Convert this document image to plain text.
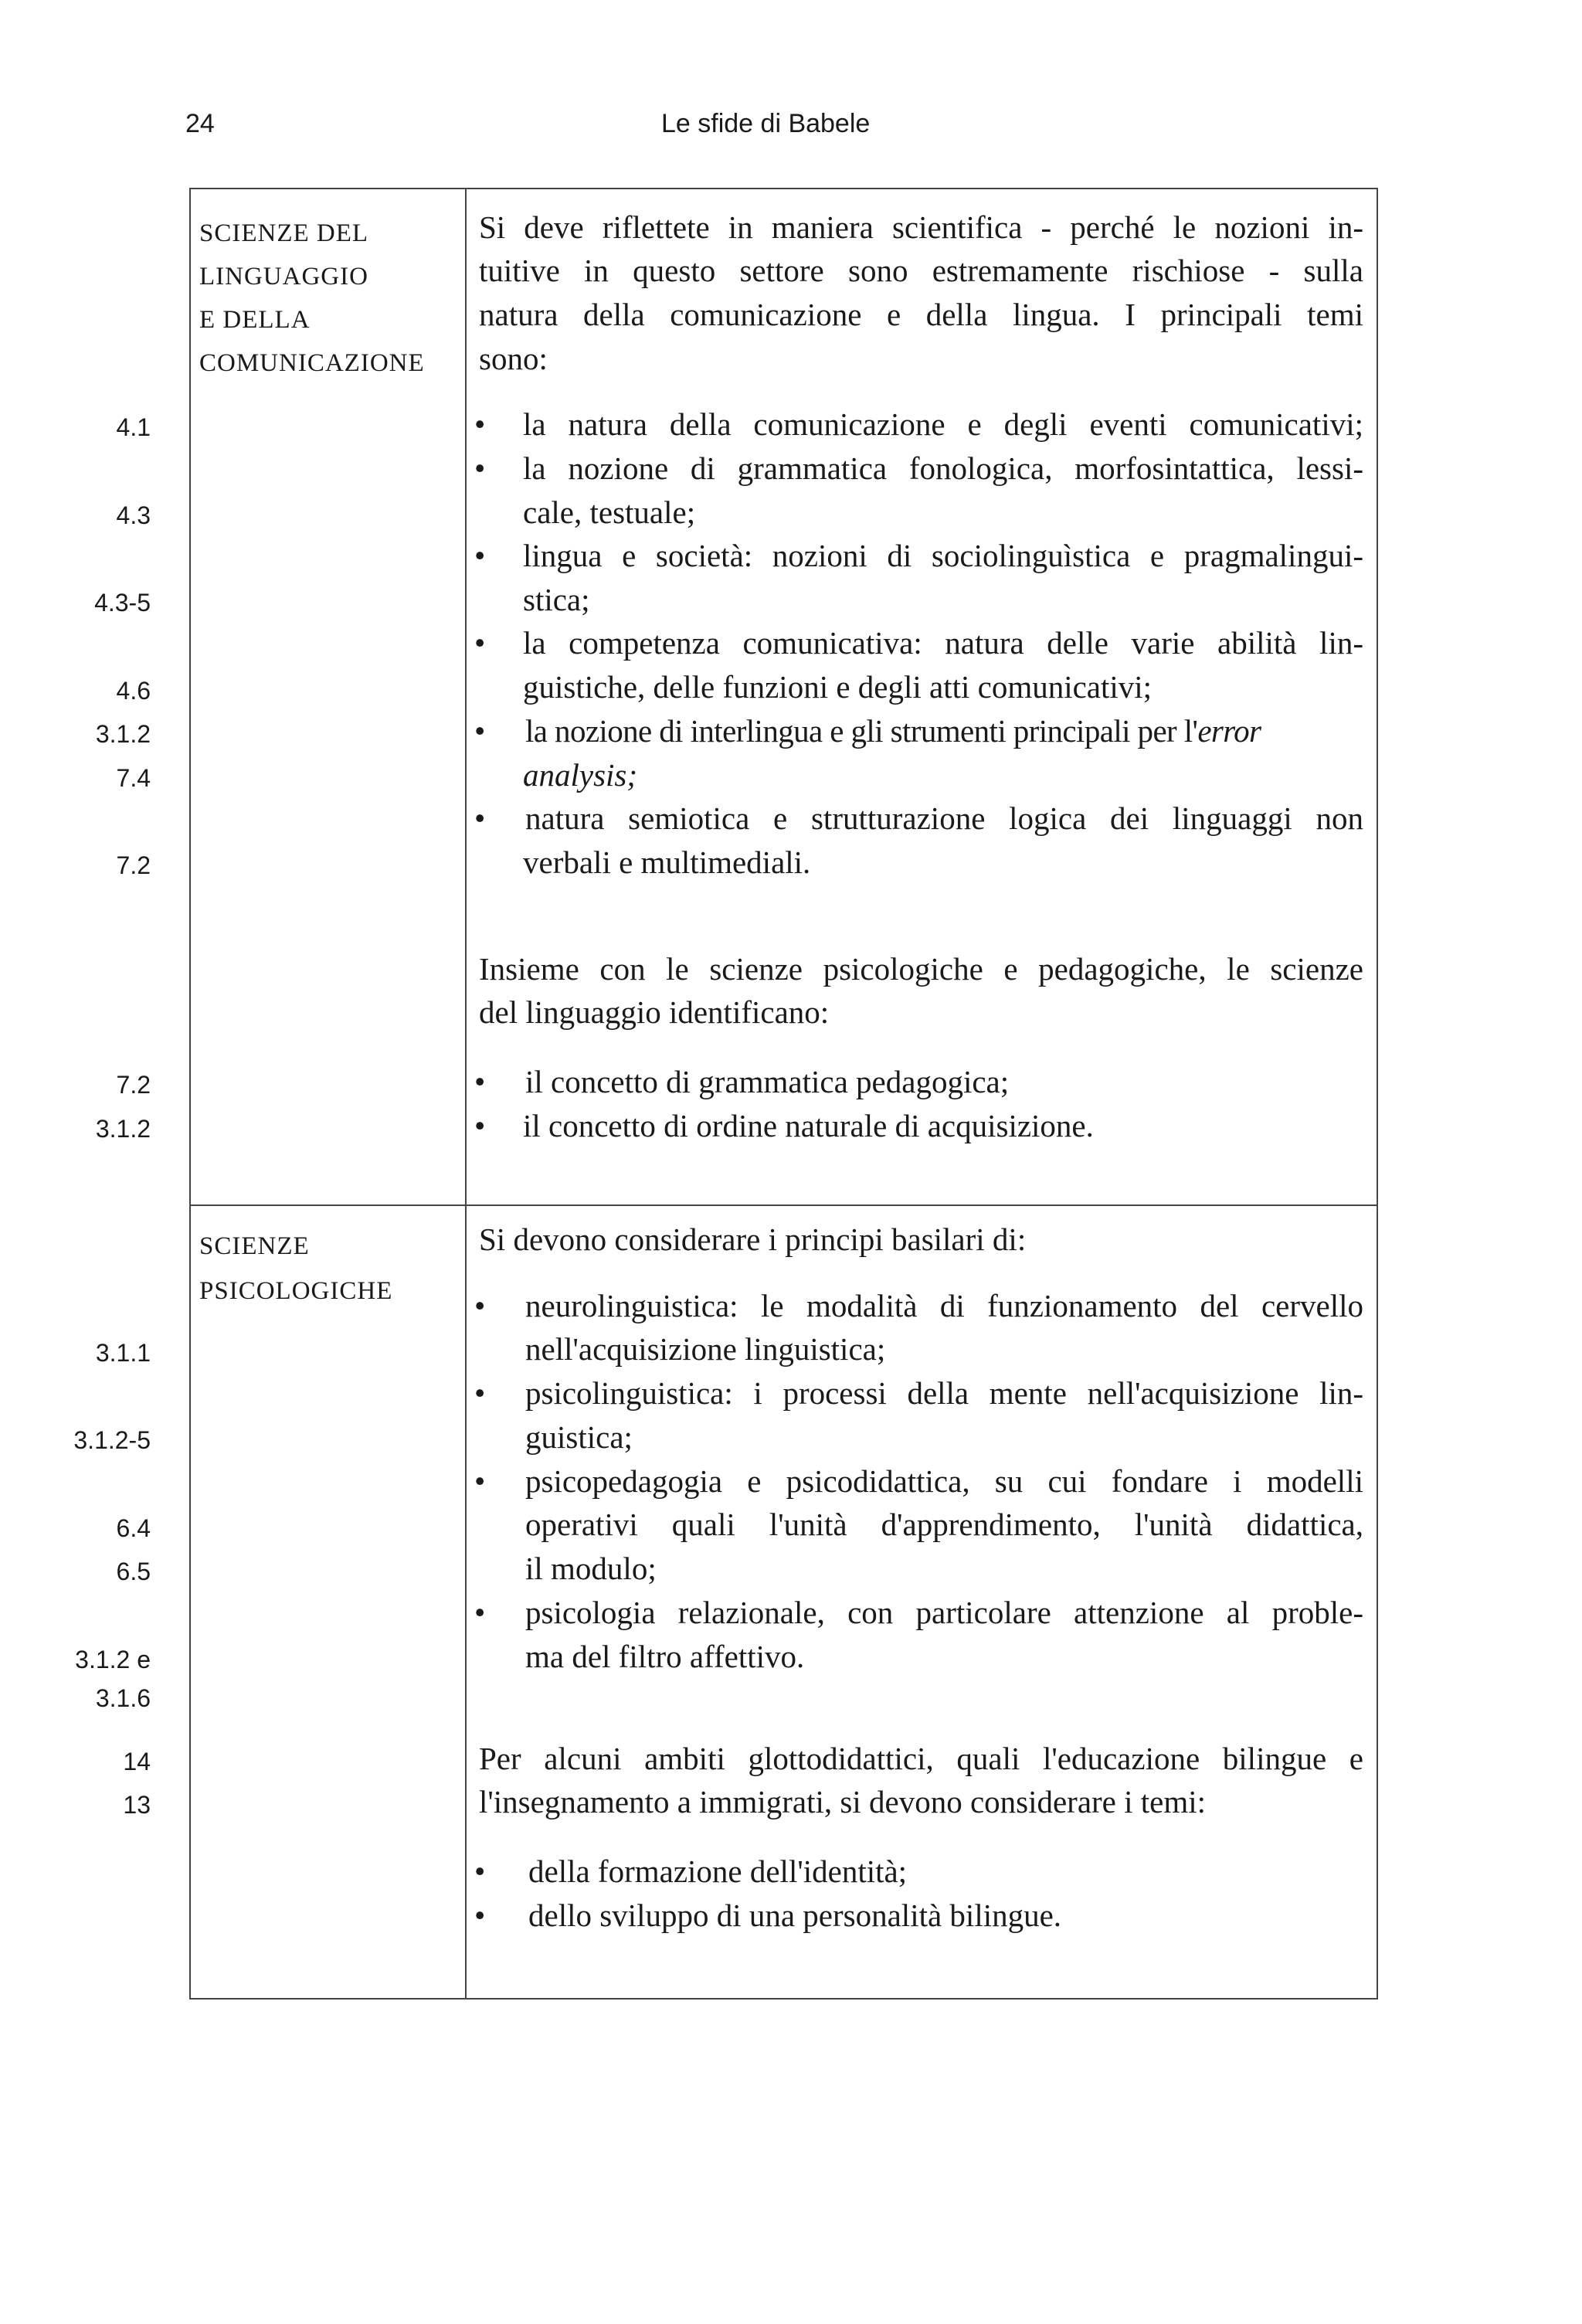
24	Le sfide di Babele
4.1
4.3
4.3-5
4.6
3.1.2
7.4
7.2
7.2
3.1.2
3.1.1
3.1.2-5
6.4
6.5
3.1.2 e
3.1.6
14
13
SCIENZE DEL
LINGUAGGIO
E DELLA
COMUNICAZIONE
Si deve riflettete in maniera scientifica - perché le nozioni in-
tuitive in questo settore sono estremamente rischiose - sulla
natura della comunicazione e della lingua. I principali temi
sono:
• la natura della comunicazione e degli eventi comunicativi;
• la nozione di grammatica fonologica, morfosintattica, lessi-
cale, testuale;
• lingua e società: nozioni di sociolinguìstica e pragmalingui-
stica;
• la competenza comunicativa: natura delle varie abilità lin-
guistiche, delle funzioni e degli atti comunicativi;
• la nozione di interlingua e gli strumenti principali per l'error
analysis;
• natura semiotica e strutturazione logica dei linguaggi non
verbali e multimediali.
Insieme con le scienze psicologiche e pedagogiche, le scienze
del linguaggio identificano:
• il concetto di grammatica pedagogica;
• il concetto di ordine naturale di acquisizione.
SCIENZE
PSICOLOGICHE
Si devono considerare i principi basilari di:
• neurolinguistica: le modalità di funzionamento del cervello
nell'acquisizione linguistica;
• psicolinguistica: i processi della mente nell'acquisizione lin-
guistica;
• psicopedagogia e psicodidattica, su cui fondare i modelli
operativi quali l'unità d'apprendimento, l'unità didattica,
il modulo;
• psicologia relazionale, con particolare attenzione al proble-
ma del filtro affettivo.
Per alcuni ambiti glottodidattici, quali l'educazione bilingue e
l'insegnamento a immigrati, si devono considerare i temi:
• della formazione dell'identità;
• dello sviluppo di una personalità bilingue.
